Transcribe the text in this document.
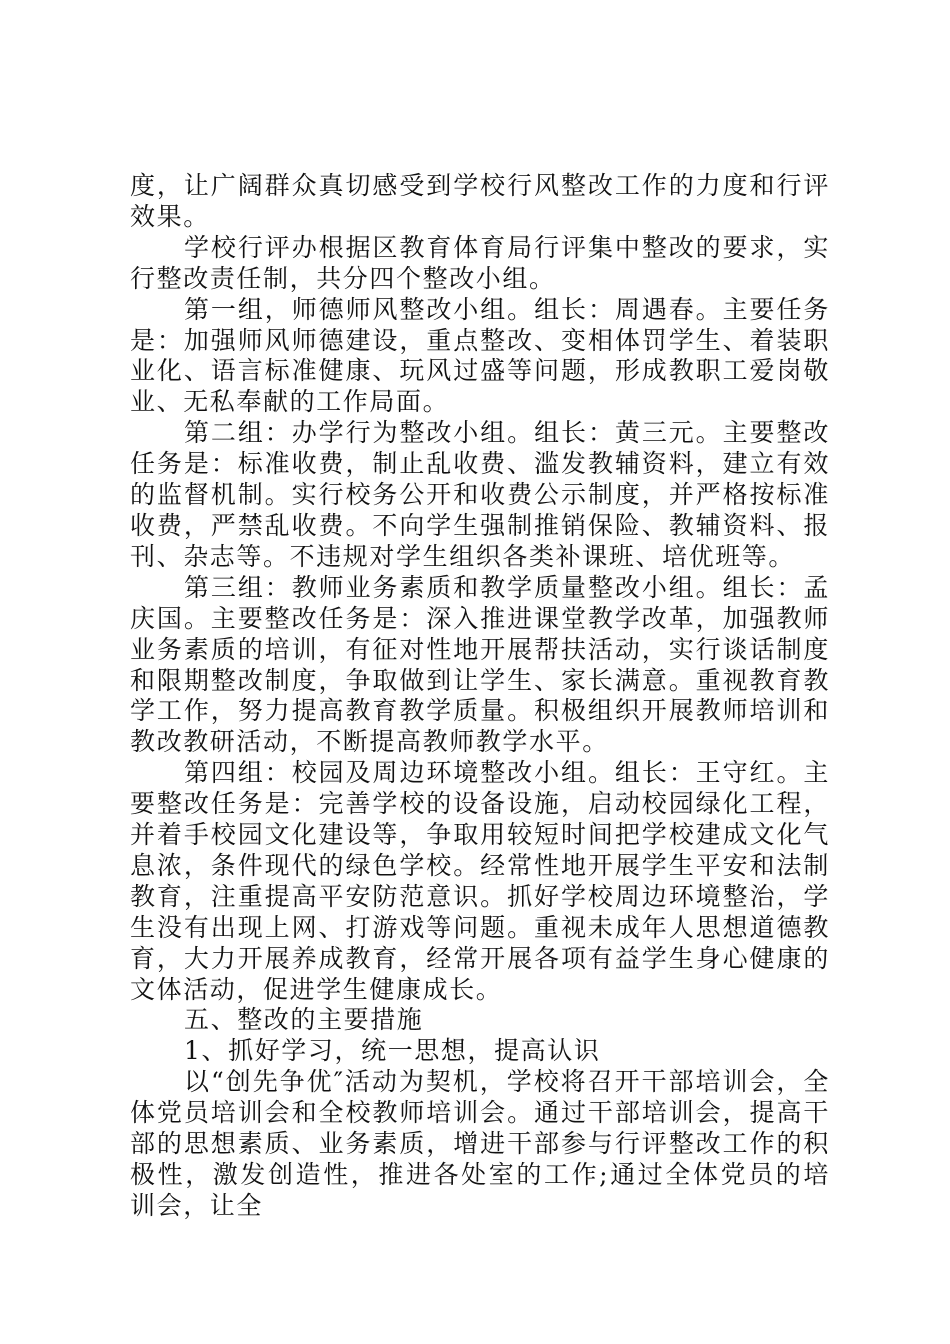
度，让广阔群众真切感受到学校行风整改工作的力度和行评效果。

学校行评办根据区教育体育局行评集中整改的要求，实行整改责任制，共分四个整改小组。

第一组，师德师风整改小组。组长：周遇春。主要任务是：加强师风师德建设，重点整改、变相体罚学生、着装职业化、语言标准健康、玩风过盛等问题，形成教职工爱岗敬业、无私奉献的工作局面。

第二组：办学行为整改小组。组长：黄三元。主要整改任务是：标准收费，制止乱收费、滥发教辅资料，建立有效的监督机制。实行校务公开和收费公示制度，并严格按标准收费，严禁乱收费。不向学生强制推销保险、教辅资料、报刊、杂志等。不违规对学生组织各类补课班、培优班等。

第三组：教师业务素质和教学质量整改小组。组长：孟庆国。主要整改任务是：深入推进课堂教学改革，加强教师业务素质的培训，有征对性地开展帮扶活动，实行谈话制度和限期整改制度，争取做到让学生、家长满意。重视教育教学工作，努力提高教育教学质量。积极组织开展教师培训和教改教研活动，不断提高教师教学水平。

第四组：校园及周边环境整改小组。组长：王守红。主要整改任务是：完善学校的设备设施，启动校园绿化工程，并着手校园文化建设等，争取用较短时间把学校建成文化气息浓，条件现代的绿色学校。经常性地开展学生平安和法制教育，注重提高平安防范意识。抓好学校周边环境整治，学生没有出现上网、打游戏等问题。重视未成年人思想道德教育，大力开展养成教育，经常开展各项有益学生身心健康的文体活动，促进学生健康成长。

五、整改的主要措施

1、抓好学习，统一思想，提高认识

以“创先争优″活动为契机，学校将召开干部培训会，全体党员培训会和全校教师培训会。通过干部培训会，提高干部的思想素质、业务素质，增进干部参与行评整改工作的积极性，激发创造性，推进各处室的工作;通过全体党员的培训会，让全
